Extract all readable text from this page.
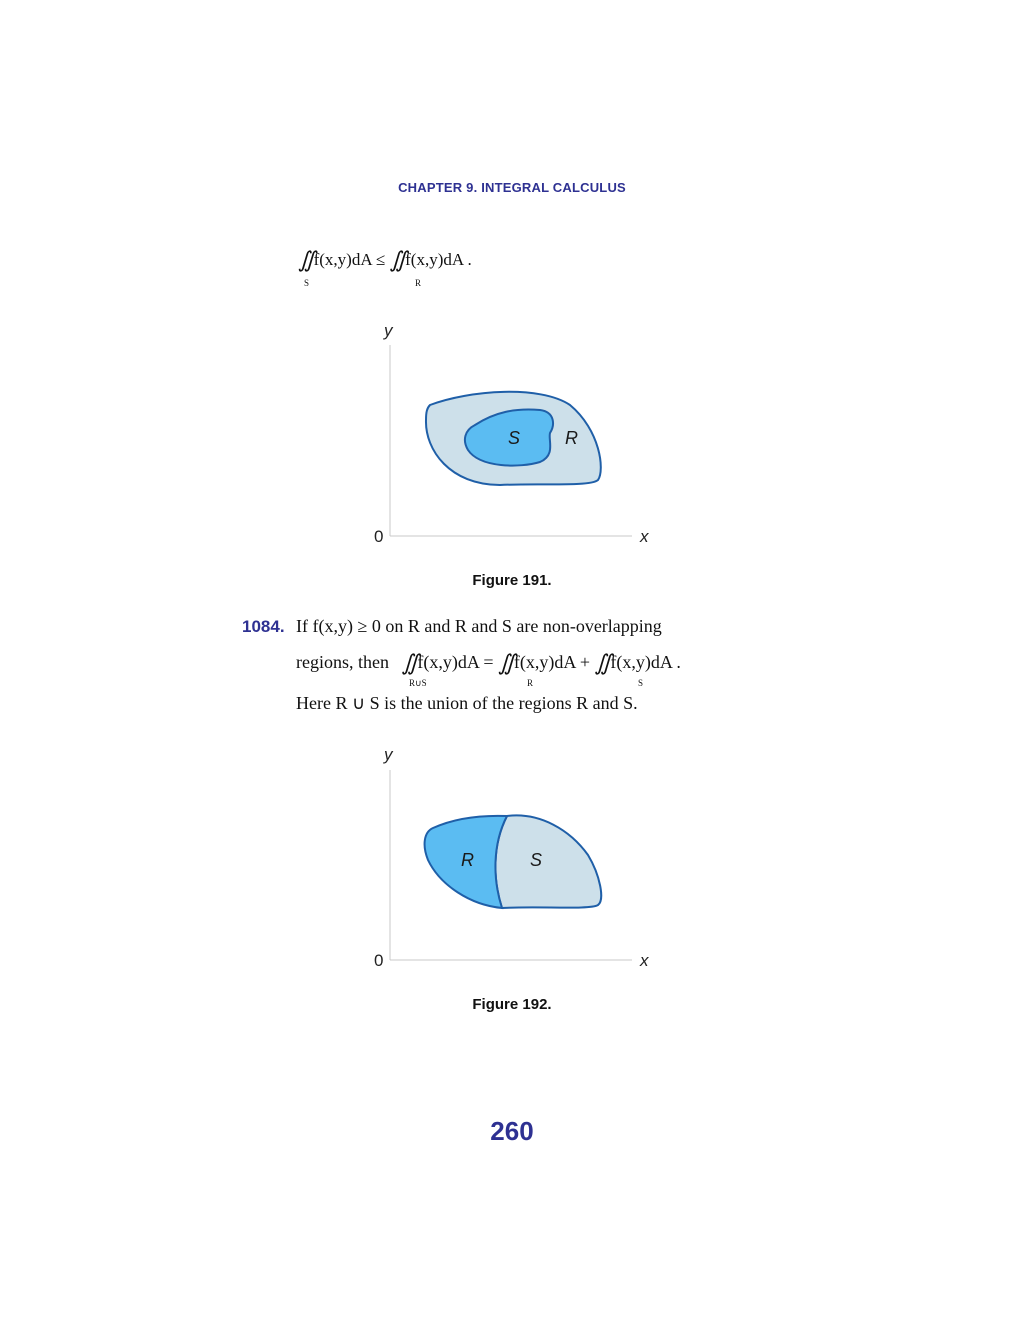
CHAPTER 9. INTEGRAL CALCULUS
∬ f(x,y)dA ≤ ∬ f(x,y)dA .
S	R
y
x
0
S R
Figure 191.
1084. If f(x,y) ≥ 0 on R and R and S are non-overlapping
regions, then ∬ f(x,y)dA = ∬ f(x,y)dA + ∬ f(x,y)dA .
R∪S	R	S
Here R ∪ S is the union of the regions R and S.
y
x
0
R	S
Figure 192.
260
